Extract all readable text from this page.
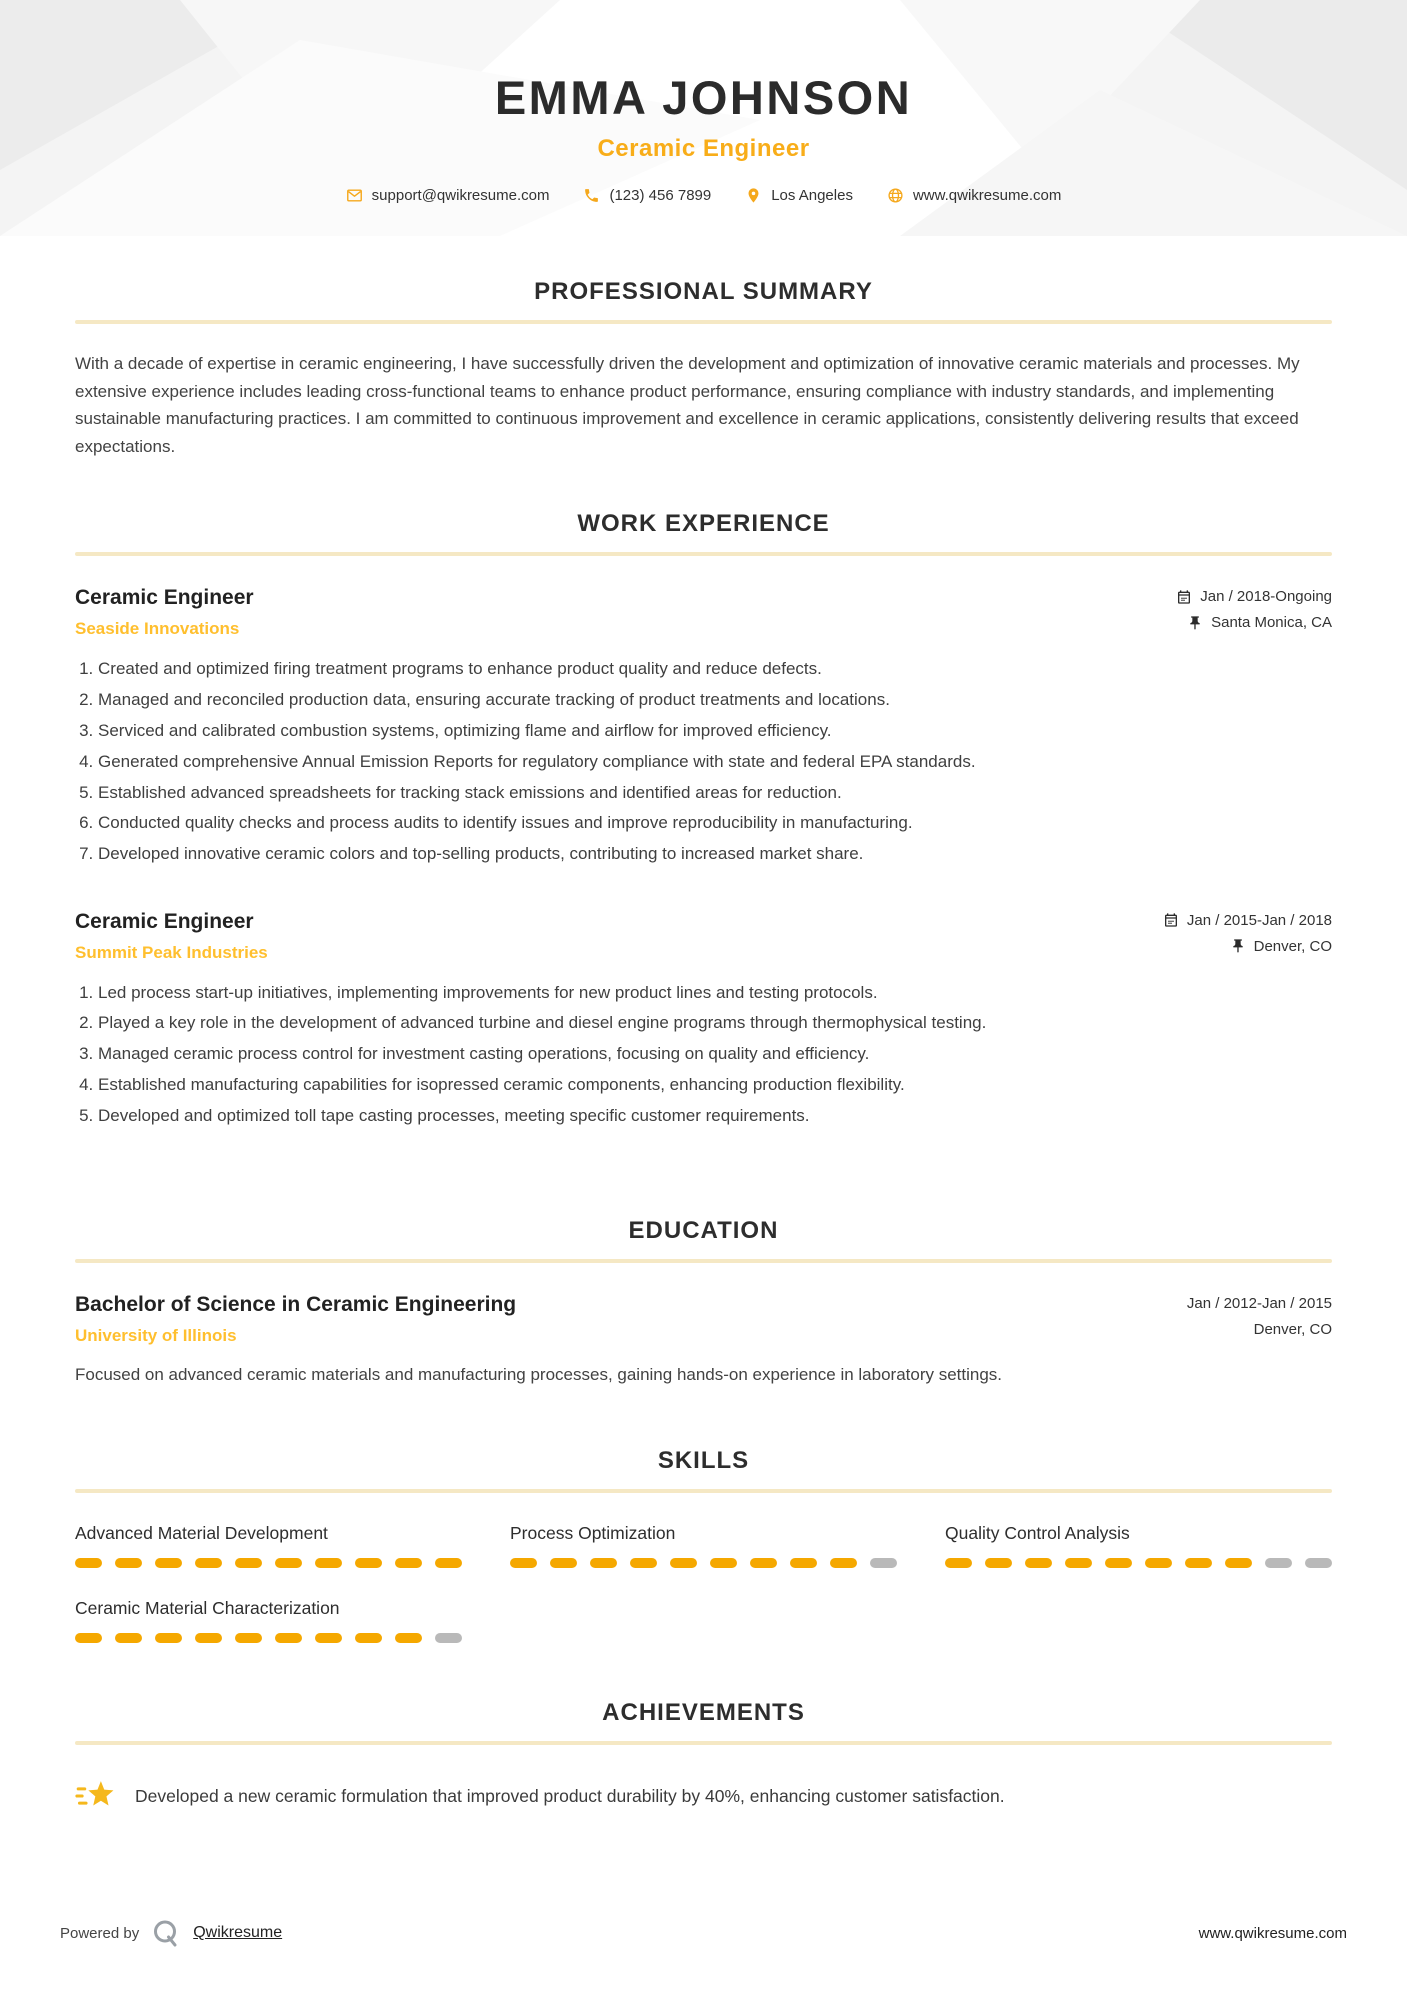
EMMA JOHNSON
Ceramic Engineer
support@qwikresume.com	(123) 456 7899	Los Angeles	www.qwikresume.com
PROFESSIONAL SUMMARY

With a decade of expertise in ceramic engineering, I have successfully driven the development and optimization of innovative ceramic materials and processes. My extensive experience includes leading cross-functional teams to enhance product performance, ensuring compliance with industry standards, and implementing sustainable manufacturing practices. I am committed to continuous improvement and excellence in ceramic applications, consistently delivering results that exceed expectations.

WORK EXPERIENCE
Ceramic Engineer
Seaside Innovations
Jan / 2018-Ongoing
Santa Monica, CA
1. Created and optimized firing treatment programs to enhance product quality and reduce defects.
2. Managed and reconciled production data, ensuring accurate tracking of product treatments and locations.
3. Serviced and calibrated combustion systems, optimizing flame and airflow for improved efficiency.
4. Generated comprehensive Annual Emission Reports for regulatory compliance with state and federal EPA standards.
5. Established advanced spreadsheets for tracking stack emissions and identified areas for reduction.
6. Conducted quality checks and process audits to identify issues and improve reproducibility in manufacturing.
7. Developed innovative ceramic colors and top-selling products, contributing to increased market share.
Ceramic Engineer
Summit Peak Industries
Jan / 2015-Jan / 2018
Denver, CO
1. Led process start-up initiatives, implementing improvements for new product lines and testing protocols.
2. Played a key role in the development of advanced turbine and diesel engine programs through thermophysical testing.
3. Managed ceramic process control for investment casting operations, focusing on quality and efficiency.
4. Established manufacturing capabilities for isopressed ceramic components, enhancing production flexibility.
5. Developed and optimized toll tape casting processes, meeting specific customer requirements.
EDUCATION
Bachelor of Science in Ceramic Engineering
University of Illinois
Jan / 2012-Jan / 2015
Denver, CO

Focused on advanced ceramic materials and manufacturing processes, gaining hands-on experience in laboratory settings.

SKILLS
Advanced Material Development	Process Optimization	Quality Control Analysis
Ceramic Material Characterization
ACHIEVEMENTS
Developed a new ceramic formulation that improved product durability by 40%, enhancing customer satisfaction.
Powered by	Qwikresume	www.qwikresume.com
